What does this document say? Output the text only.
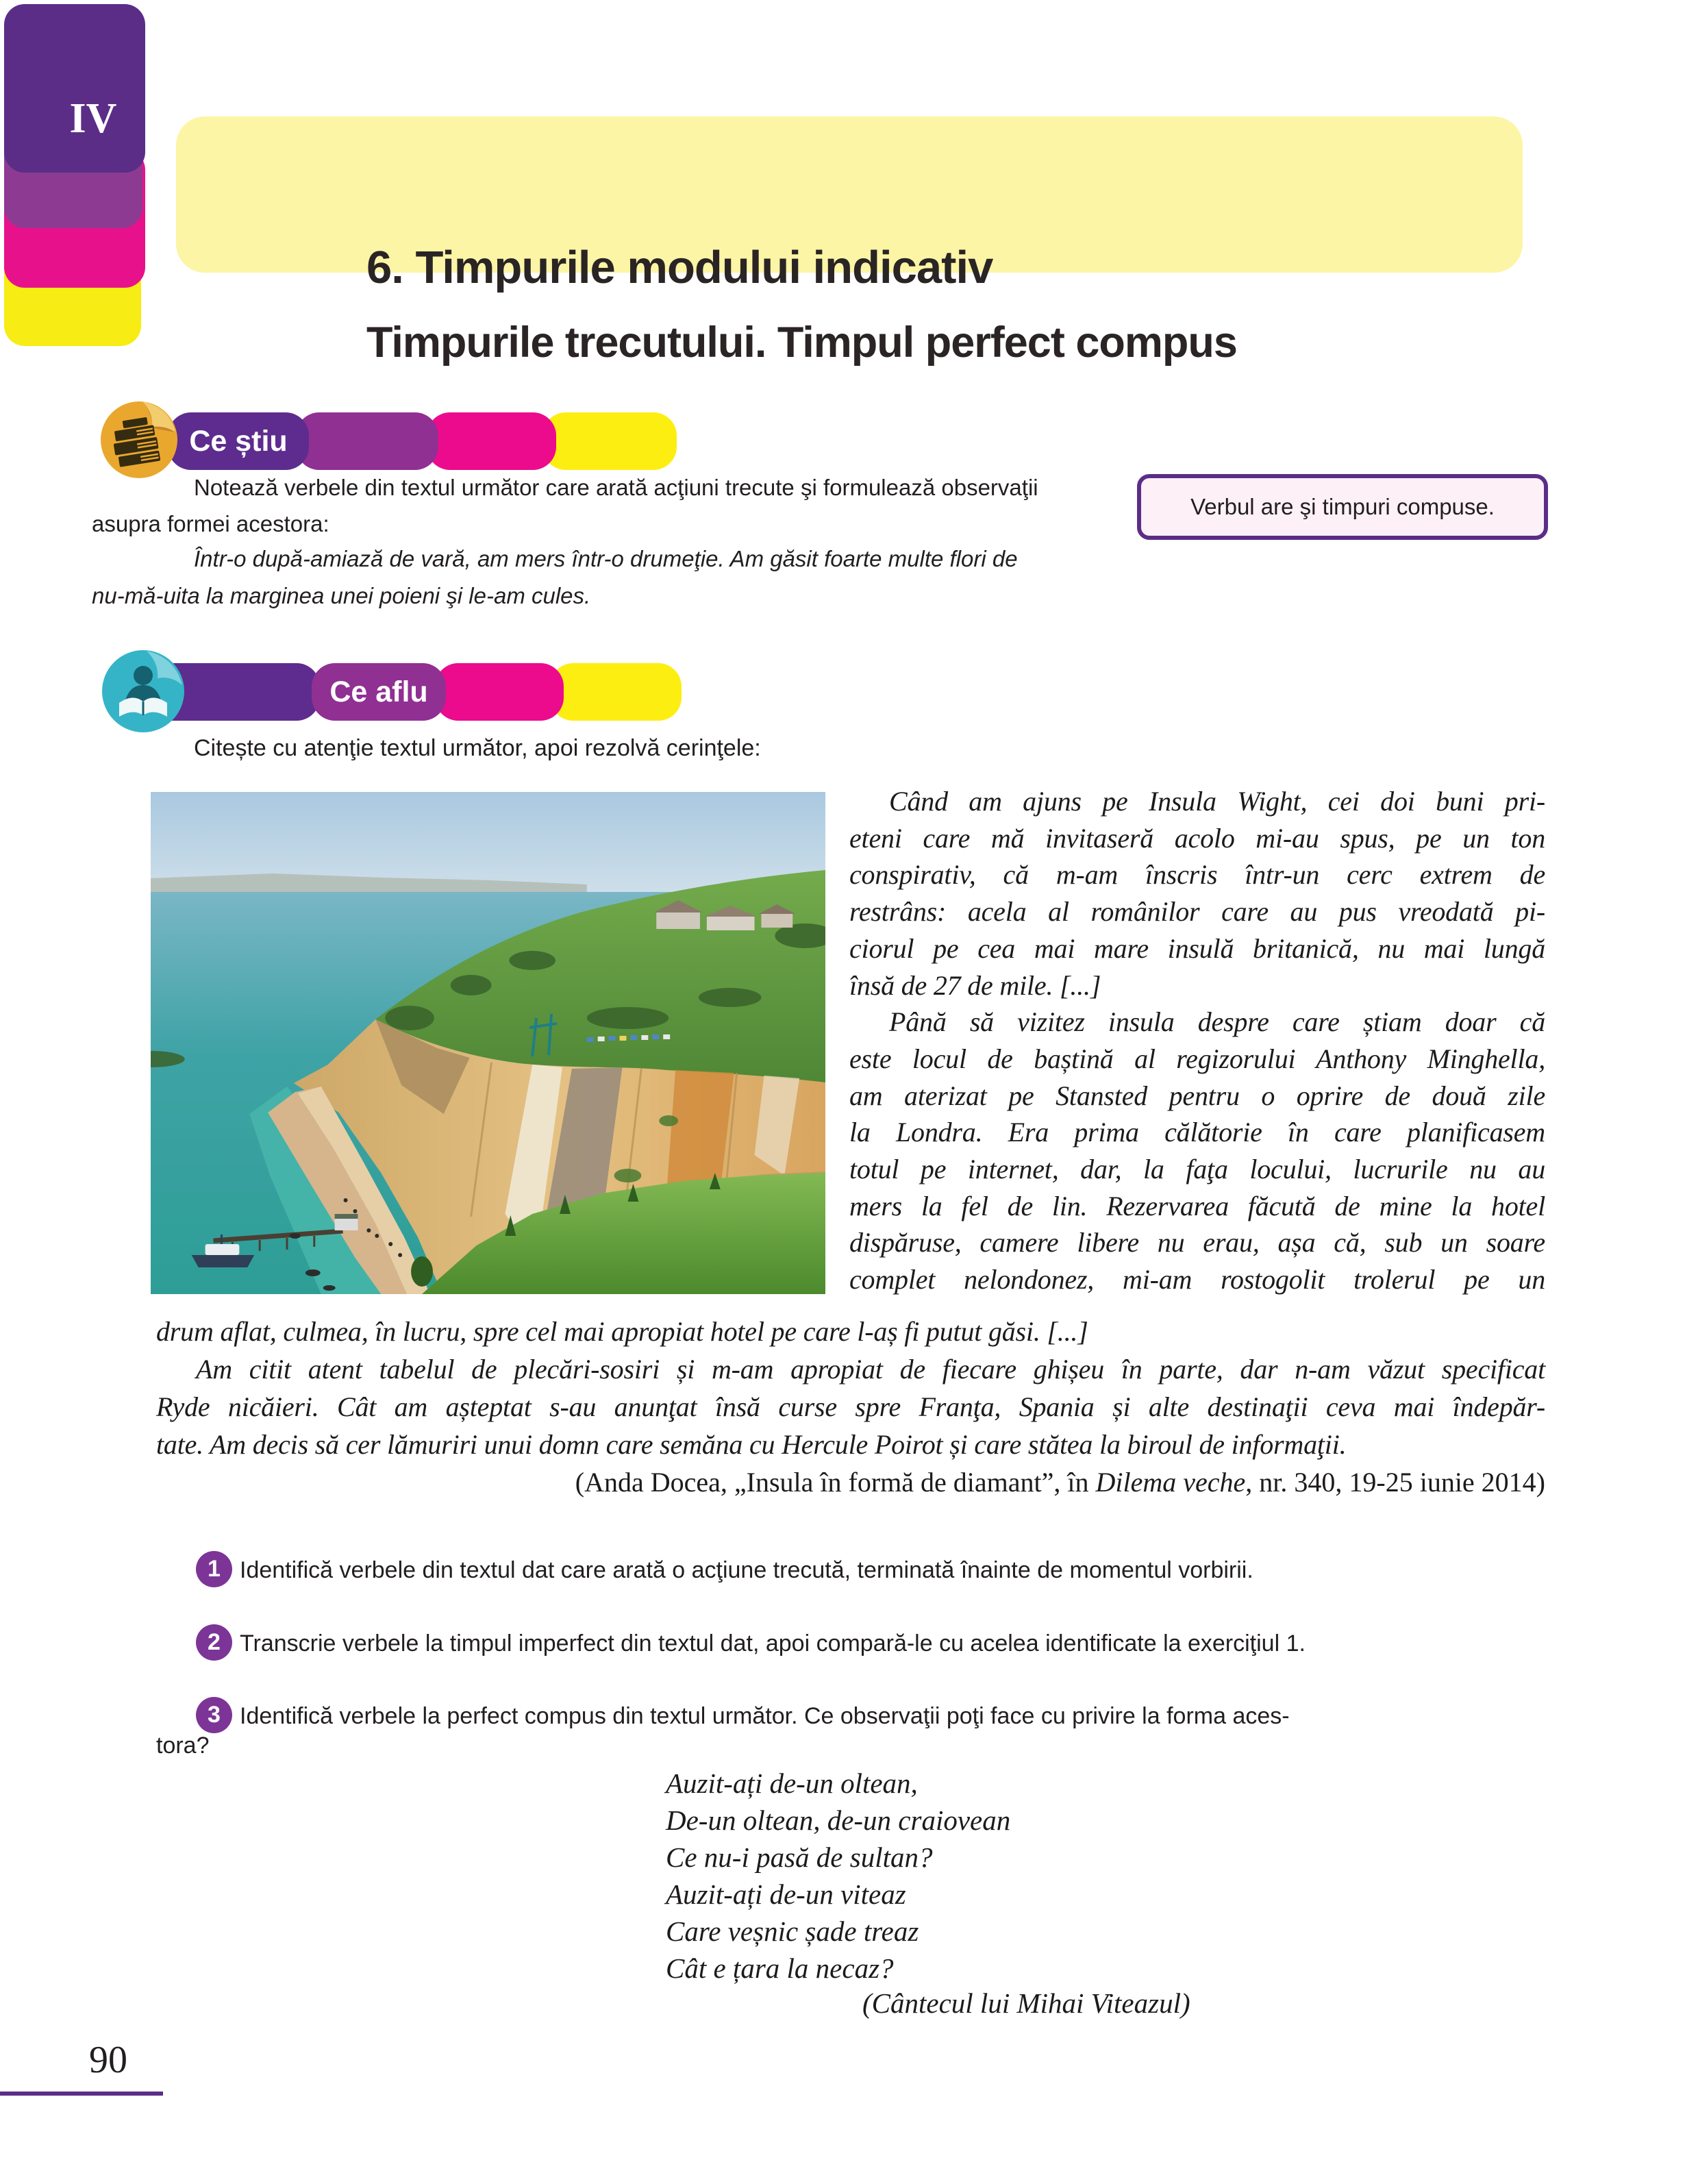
IV
6. Timpurile modului indicativ
Timpurile trecutului. Timpul perfect compus
Ce știu
Notează verbele din textul următor care arată acţiuni trecute şi formulează observaţii
asupra formei acestora:
Într-o după-amiază de vară, am mers într-o drumeţie. Am găsit foarte multe flori de
nu-mă-uita la marginea unei poieni şi le-am cules.
Verbul are şi timpuri compuse.
Ce aflu
Citește cu atenţie textul următor, apoi rezolvă cerinţele:
Când am ajuns pe Insula Wight, cei doi buni pri-
eteni care mă invitaseră acolo mi-au spus, pe un ton
conspirativ, că m-am înscris într-un cerc extrem de
restrâns: acela al românilor care au pus vreodată pi-
ciorul pe cea mai mare insulă britanică, nu mai lungă
însă de 27 de mile. [...]
Până să vizitez insula despre care știam doar că
este locul de baștină al regizorului Anthony Minghella,
am aterizat pe Stansted pentru o oprire de două zile
la Londra. Era prima călătorie în care planificasem
totul pe internet, dar, la faţa locului, lucrurile nu au
mers la fel de lin. Rezervarea făcută de mine la hotel
dispăruse, camere libere nu erau, așa că, sub un soare
complet nelondonez, mi-am rostogolit trolerul pe un
drum aflat, culmea, în lucru, spre cel mai apropiat hotel pe care l-aș fi putut găsi. [...]
Am citit atent tabelul de plecări-sosiri și m-am apropiat de fiecare ghișeu în parte, dar n-am văzut specificat
Ryde nicăieri. Cât am așteptat s-au anunţat însă curse spre Franţa, Spania și alte destinaţii ceva mai îndepăr-
tate. Am decis să cer lămuriri unui domn care semăna cu Hercule Poirot și care stătea la biroul de informaţii.
(Anda Docea, „Insula în formă de diamant”, în Dilema veche, nr. 340, 19-25 iunie 2014)
1 Identifică verbele din textul dat care arată o acţiune trecută, terminată înainte de momentul vorbirii.
2 Transcrie verbele la timpul imperfect din textul dat, apoi compară-le cu acelea identificate la exerciţiul 1.
3 Identifică verbele la perfect compus din textul următor. Ce observaţii poţi face cu privire la forma aces-
tora?
Auzit-ați de-un oltean,
De-un oltean, de-un craiovean
Ce nu-i pasă de sultan?
Auzit-ați de-un viteaz
Care veșnic șade treaz
Cât e țara la necaz?
(Cântecul lui Mihai Viteazul)
90
